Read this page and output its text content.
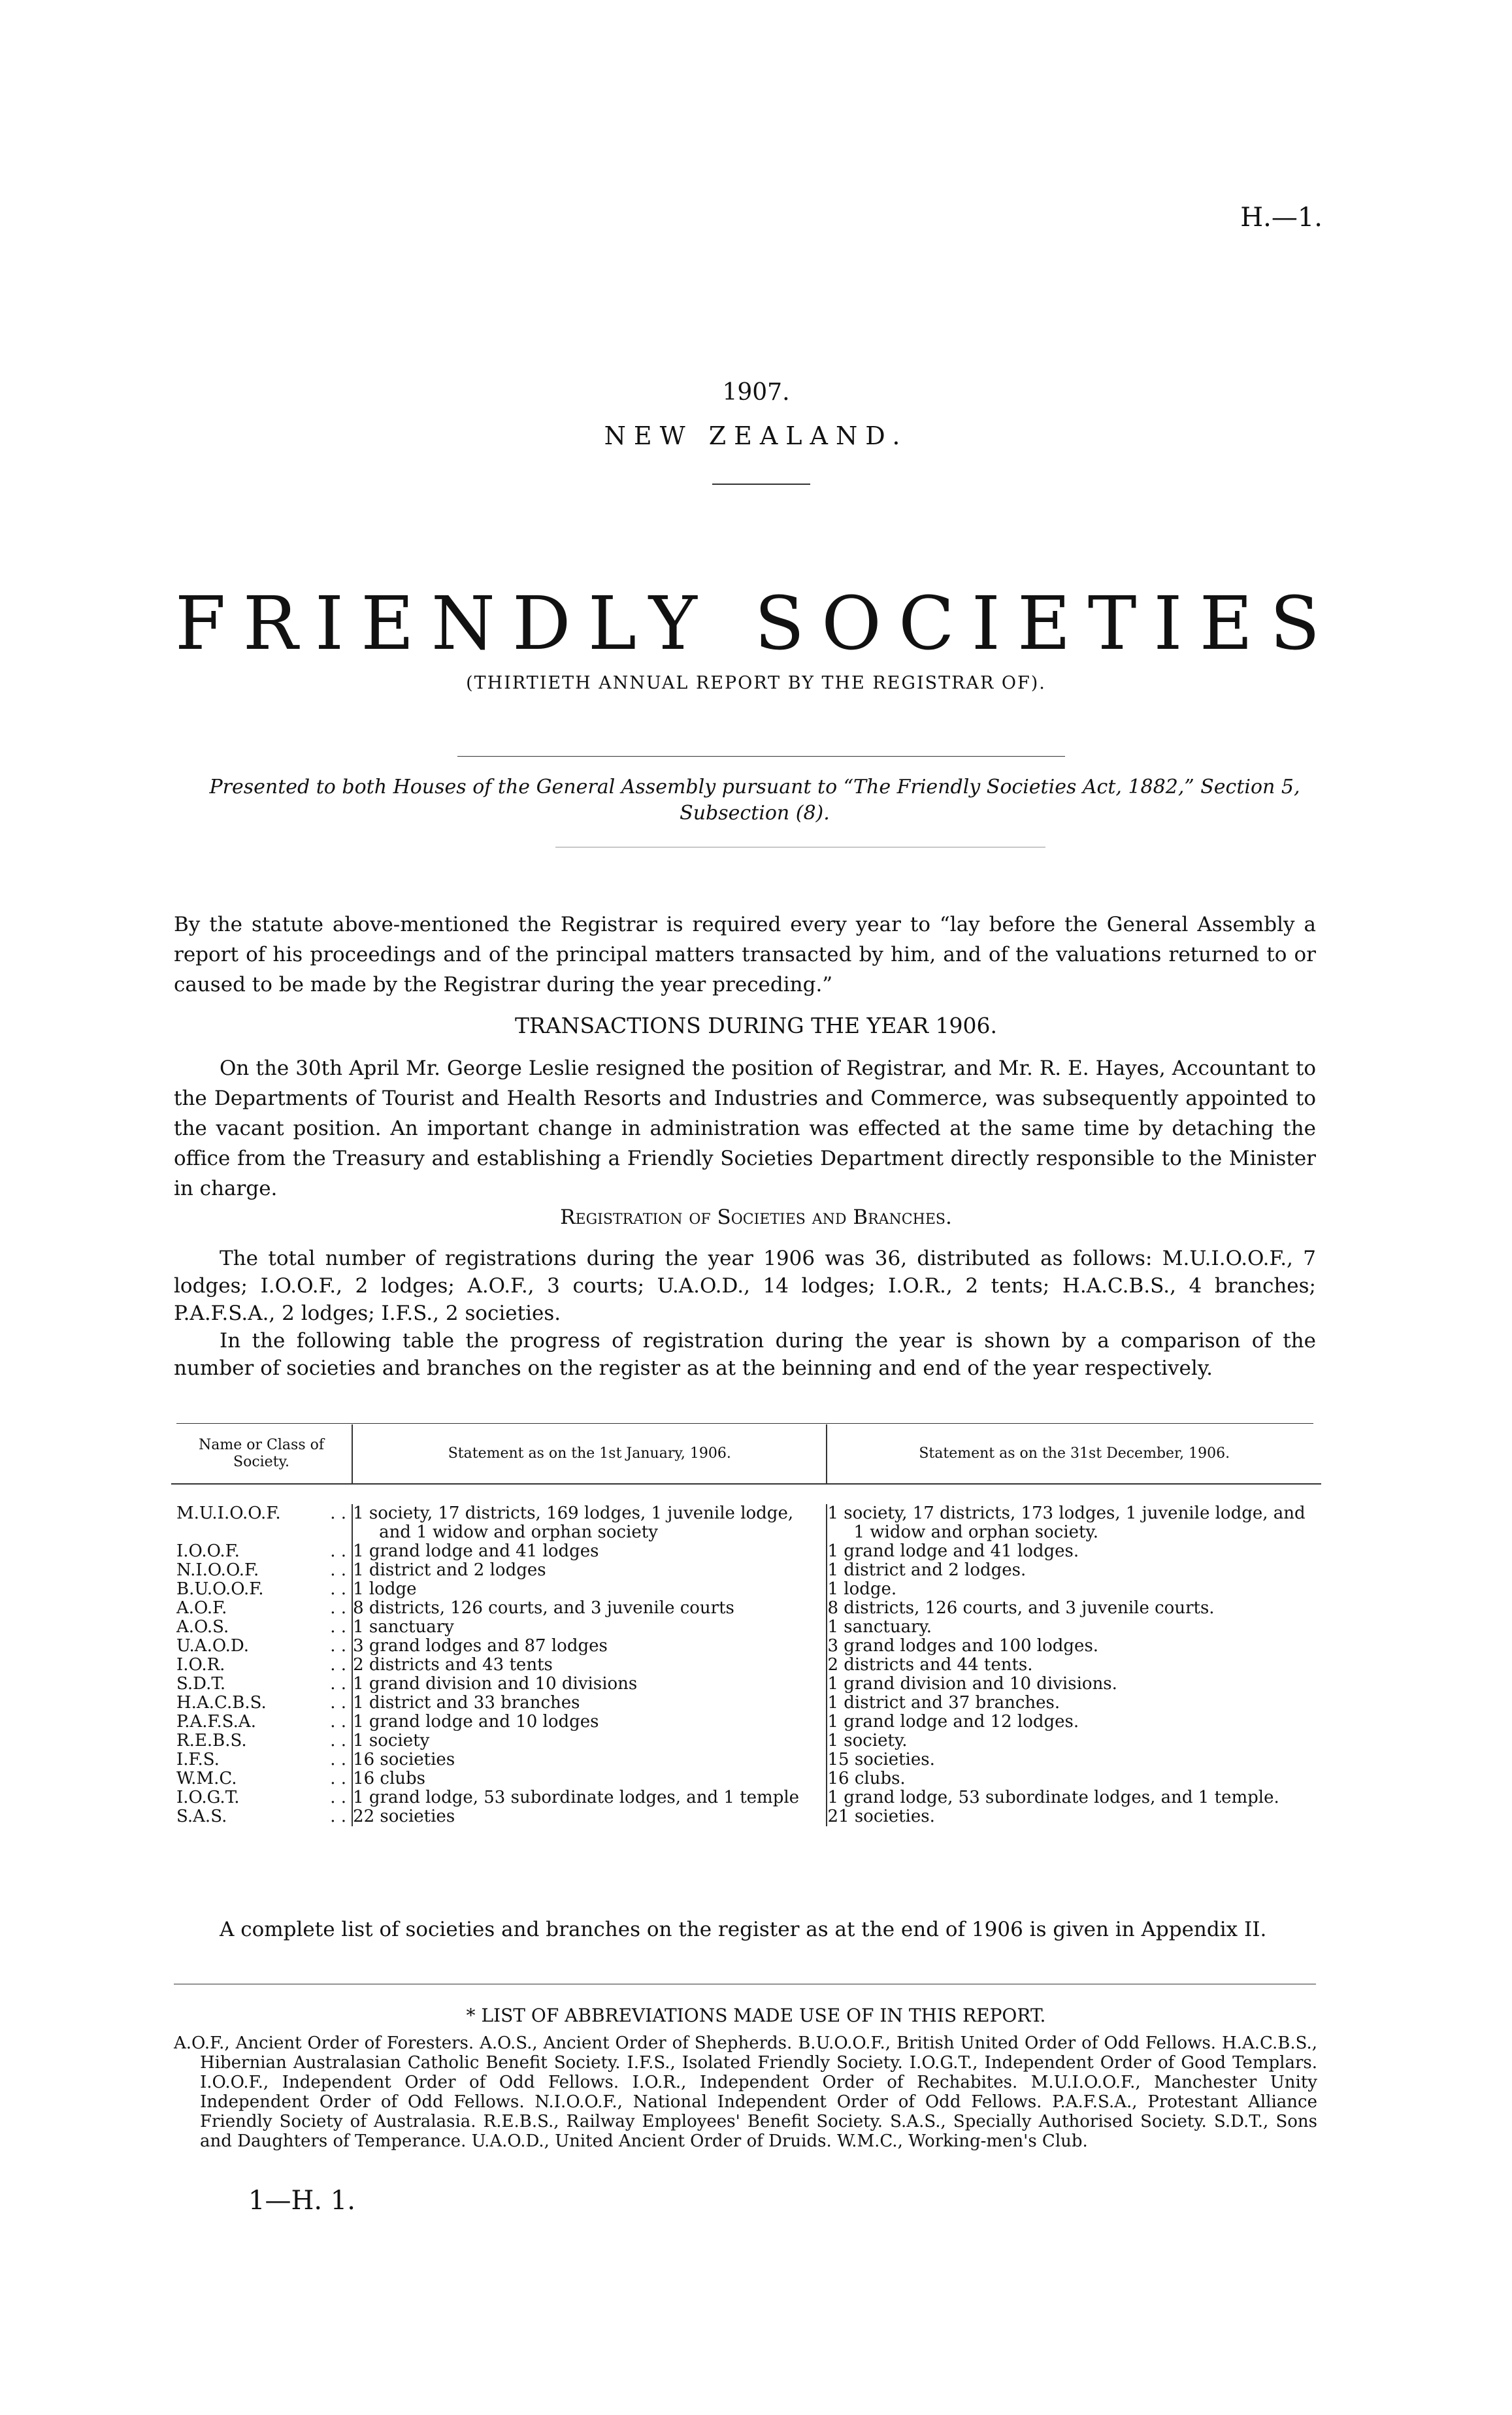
H.—1.
1907.
NEW ZEALAND.
FRIENDLY SOCIETIES
(THIRTIETH ANNUAL REPORT BY THE REGISTRAR OF).
Presented to both Houses of the General Assembly pursuant to “The Friendly Societies Act, 1882,” Section 5, Subsection (8).

By the statute above-mentioned the Registrar is required every year to “lay before the General Assembly a report of his proceedings and of the principal matters transacted by him, and of the valuations returned to or caused to be made by the Registrar during the year preceding.”

TRANSACTIONS DURING THE YEAR 1906.

On the 30th April Mr. George Leslie resigned the position of Registrar, and Mr. R. E. Hayes, Accountant to the Departments of Tourist and Health Resorts and Industries and Commerce, was subsequently appointed to the vacant position. An important change in administration was effected at the same time by detaching the office from the Treasury and establishing a Friendly Societies Department directly responsible to the Minister in charge.

Registration of Societies and Branches.

The total number of registrations during the year 1906 was 36, distributed as follows: M.U.I.O.O.F., 7 lodges; I.O.O.F., 2 lodges; A.O.F., 3 courts; U.A.O.D., 14 lodges; I.O.R., 2 tents; H.A.C.B.S., 4 branches; P.A.F.S.A., 2 lodges; I.F.S., 2 societies.

In the following table the progress of registration during the year is shown by a comparison of the number of societies and branches on the register as at the beinning and end of the year respectively.

Name or Class of Society.	Statement as on the 1st January, 1906.	Statement as on the 31st December, 1906.

. .
M.U.I.O.O.F.	1 society, 17 districts, 169 lodges, 1 juvenile lodge, and 1 widow and orphan society	1 society, 17 districts, 173 lodges, 1 juvenile lodge, and 1 widow and orphan society.

. .
I.O.O.F.	1 grand lodge and 41 lodges	1 grand lodge and 41 lodges.

. .
N.I.O.O.F.	1 district and 2 lodges	1 district and 2 lodges.

. .
B.U.O.O.F.	1 lodge	1 lodge.

. .
A.O.F.	8 districts, 126 courts, and 3 juvenile courts	8 districts, 126 courts, and 3 juvenile courts.

. .
A.O.S.	1 sanctuary	1 sanctuary.

. .
U.A.O.D.	3 grand lodges and 87 lodges	3 grand lodges and 100 lodges.

. .
I.O.R.	2 districts and 43 tents	2 districts and 44 tents.

. .
S.D.T.	1 grand division and 10 divisions	1 grand division and 10 divisions.

. .
H.A.C.B.S.	1 district and 33 branches	1 district and 37 branches.

. .
P.A.F.S.A.	1 grand lodge and 10 lodges	1 grand lodge and 12 lodges.

. .
R.E.B.S.	1 society	1 society.

. .
I.F.S.	16 societies	15 societies.

. .
W.M.C.	16 clubs	16 clubs.

. .
I.O.G.T.	1 grand lodge, 53 subordinate lodges, and 1 temple	1 grand lodge, 53 subordinate lodges, and 1 temple.

. .
S.A.S.	22 societies	21 societies.

A complete list of societies and branches on the register as at the end of 1906 is given in Appendix II.

* LIST OF ABBREVIATIONS MADE USE OF IN THIS REPORT.
A.O.F., Ancient Order of Foresters. A.O.S., Ancient Order of Shepherds. B.U.O.O.F., British United Order of Odd Fellows. H.A.C.B.S., Hibernian Australasian Catholic Benefit Society. I.F.S., Isolated Friendly Society. I.O.G.T., Independent Order of Good Templars. I.O.O.F., Independent Order of Odd Fellows. I.O.R., Independent Order of Rechabites. M.U.I.O.O.F., Manchester Unity Independent Order of Odd Fellows. N.I.O.O.F., National Independent Order of Odd Fellows. P.A.F.S.A., Protestant Alliance Friendly Society of Australasia. R.E.B.S., Railway Employees' Benefit Society. S.A.S., Specially Authorised Society. S.D.T., Sons and Daughters of Temperance. U.A.O.D., United Ancient Order of Druids. W.M.C., Working-men's Club.
1—H. 1.
